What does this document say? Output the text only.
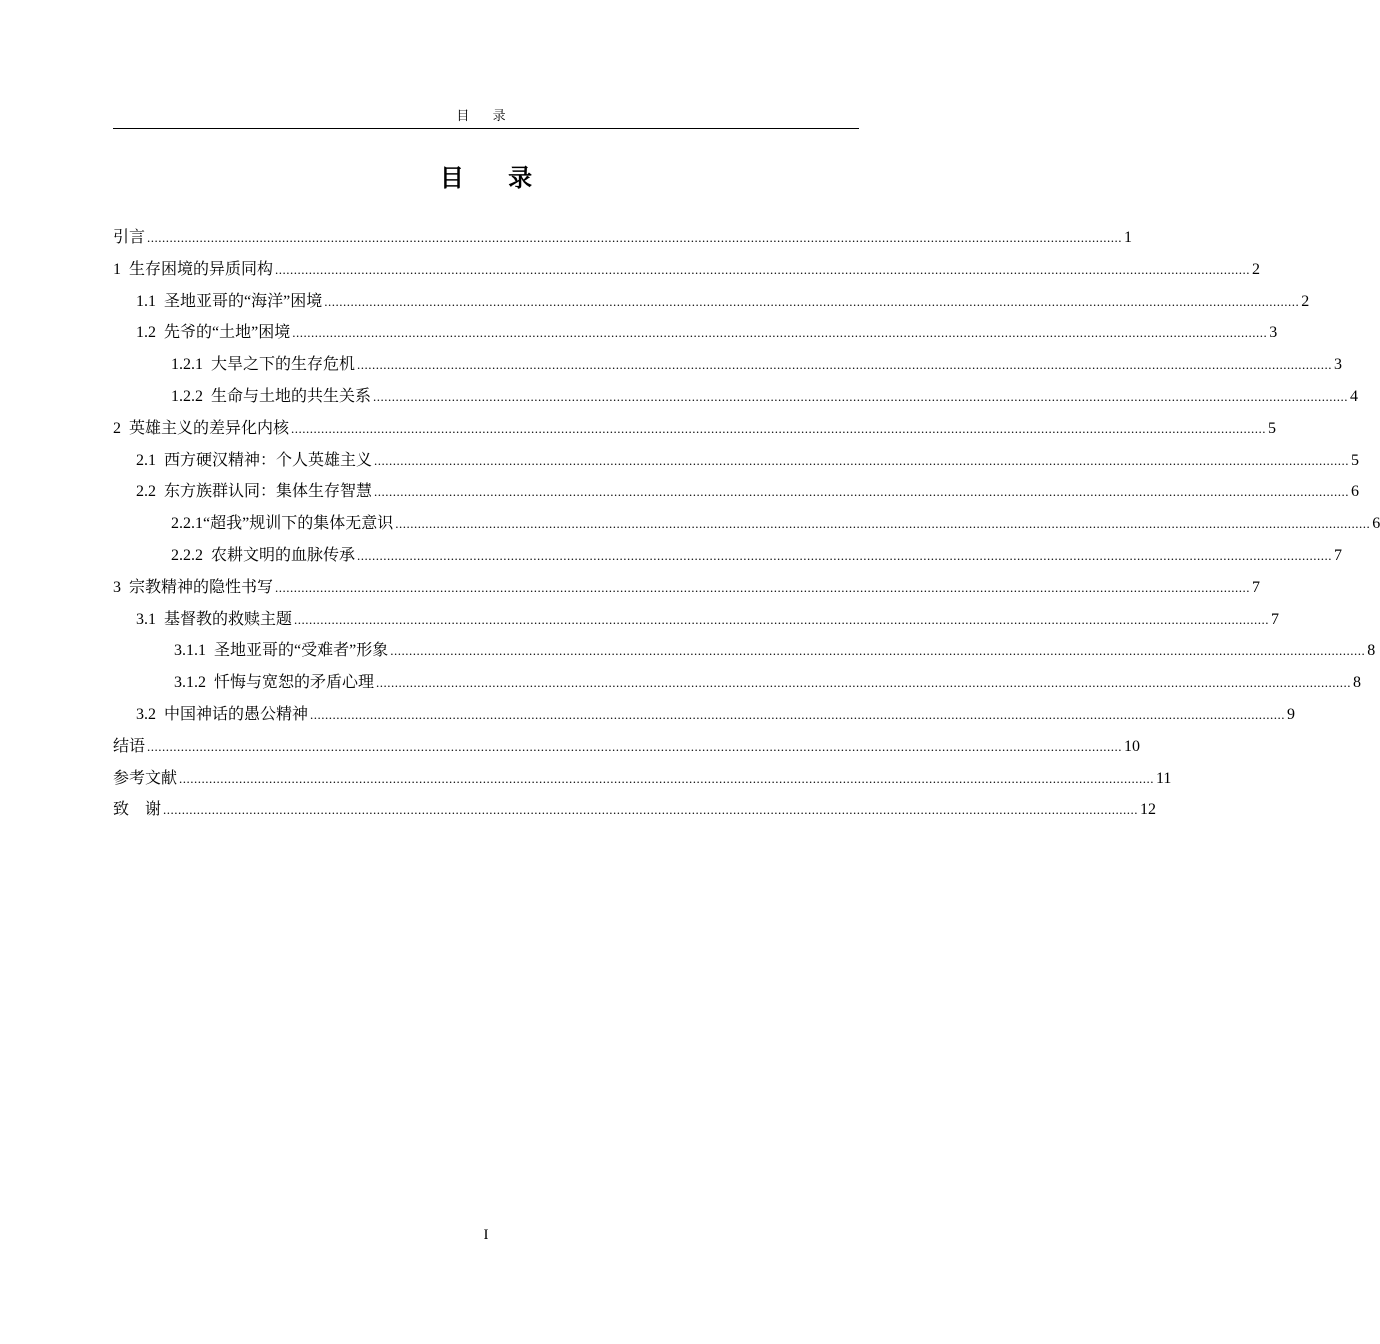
目 录
目 录
引言 .................................................................................................................................................................................................................................................................... 1
1 生存困境的异质同构 .................................................................................................................................................................................................................................................................... 2
1.1 圣地亚哥的“海洋”困境 .................................................................................................................................................................................................................................................................... 2
1.2 先爷的“土地”困境 .................................................................................................................................................................................................................................................................... 3
1.2.1 大旱之下的生存危机 .................................................................................................................................................................................................................................................................... 3
1.2.2 生命与土地的共生关系 .................................................................................................................................................................................................................................................................... 4
2 英雄主义的差异化内核 .................................................................................................................................................................................................................................................................... 5
2.1 西方硬汉精神：个人英雄主义 .................................................................................................................................................................................................................................................................... 5
2.2 东方族群认同：集体生存智慧 .................................................................................................................................................................................................................................................................... 6
2.2.1 “超我”规训下的集体无意识 .................................................................................................................................................................................................................................................................... 6
2.2.2 农耕文明的血脉传承 .................................................................................................................................................................................................................................................................... 7
3 宗教精神的隐性书写 .................................................................................................................................................................................................................................................................... 7
3.1 基督教的救赎主题 .................................................................................................................................................................................................................................................................... 7
3.1.1 圣地亚哥的“受难者”形象 .................................................................................................................................................................................................................................................................... 8
3.1.2 忏悔与宽恕的矛盾心理 .................................................................................................................................................................................................................................................................... 8
3.2 中国神话的愚公精神 .................................................................................................................................................................................................................................................................... 9
结语 .................................................................................................................................................................................................................................................................... 10
参考文献 .................................................................................................................................................................................................................................................................... 11
致　谢 .................................................................................................................................................................................................................................................................... 12
I
